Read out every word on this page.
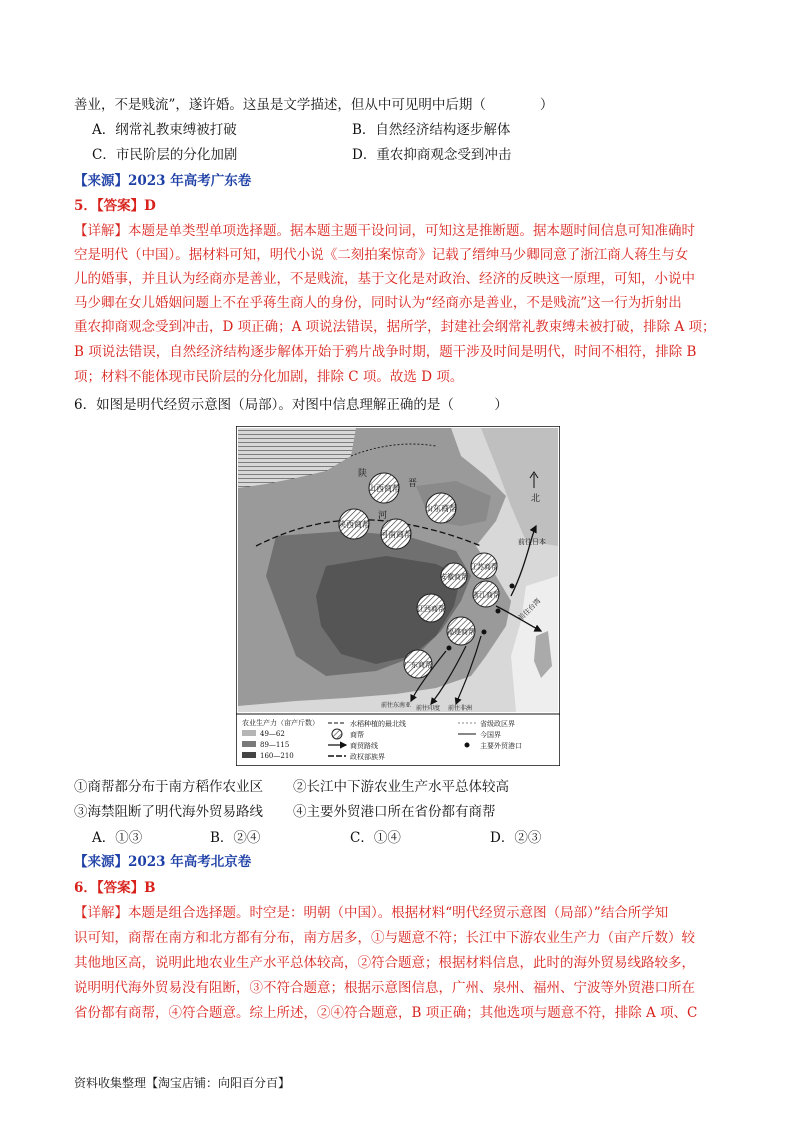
善业，不是贱流”，遂许婚。这虽是文学描述，但从中可见明中后期（　　　　）
A．纲常礼教束缚被打破	B．自然经济结构逐步解体
C．市民阶层的分化加剧	D．重农抑商观念受到冲击
【来源】2023 年高考广东卷
5．【答案】D
【详解】本题是单类型单项选择题。据本题主题干设问词，可知这是推断题。据本题时间信息可知准确时
空是明代（中国）。据材料可知，明代小说《二刻拍案惊奇》记载了缙绅马少卿同意了浙江商人蒋生与女
儿的婚事，并且认为经商亦是善业，不是贱流，基于文化是对政治、经济的反映这一原理，可知，小说中
马少卿在女儿婚姻问题上不在乎蒋生商人的身份，同时认为“经商亦是善业，不是贱流”这一行为折射出
重农抑商观念受到冲击，D 项正确；A 项说法错误，据所学，封建社会纲常礼教束缚未被打破，排除 A 项；
B 项说法错误，自然经济结构逐步解体开始于鸦片战争时期，题干涉及时间是明代，时间不相符，排除 B
项；材料不能体现市民阶层的分化加剧，排除 C 项。故选 D 项。
6．如图是明代经贸示意图（局部）。对图中信息理解正确的是（　　　）
山西商帮
山东商帮
陕西商帮
河南商帮
安徽商帮
江苏商帮
浙江商帮
江西商帮
福建商帮
广东商帮
陕
晋
河
北
前往日本
前往台湾
前往东南亚 前往印度 前往非洲
农业生产力（亩产斤数）
49—62
89—115
160—210
水稻种植的最北线
商帮
商贸路线
政权部族界
省级政区界
今国界
主要外贸港口
①商帮都分布于南方稻作农业区 ②长江中下游农业生产水平总体较高
③海禁阻断了明代海外贸易路线 ④主要外贸港口所在省份都有商帮
A．①③	B．②④	C．①④	D．②③
【来源】2023 年高考北京卷
6．【答案】B
【详解】本题是组合选择题。时空是：明朝（中国）。根据材料“明代经贸示意图（局部）”结合所学知
识可知，商帮在南方和北方都有分布，南方居多，①与题意不符；长江中下游农业生产力（亩产斤数）较
其他地区高，说明此地农业生产水平总体较高，②符合题意；根据材料信息，此时的海外贸易线路较多，
说明明代海外贸易没有阻断，③不符合题意；根据示意图信息，广州、泉州、福州、宁波等外贸港口所在
省份都有商帮，④符合题意。综上所述，②④符合题意，B 项正确；其他选项与题意不符，排除 A 项、C
资料收集整理【淘宝店铺：向阳百分百】
